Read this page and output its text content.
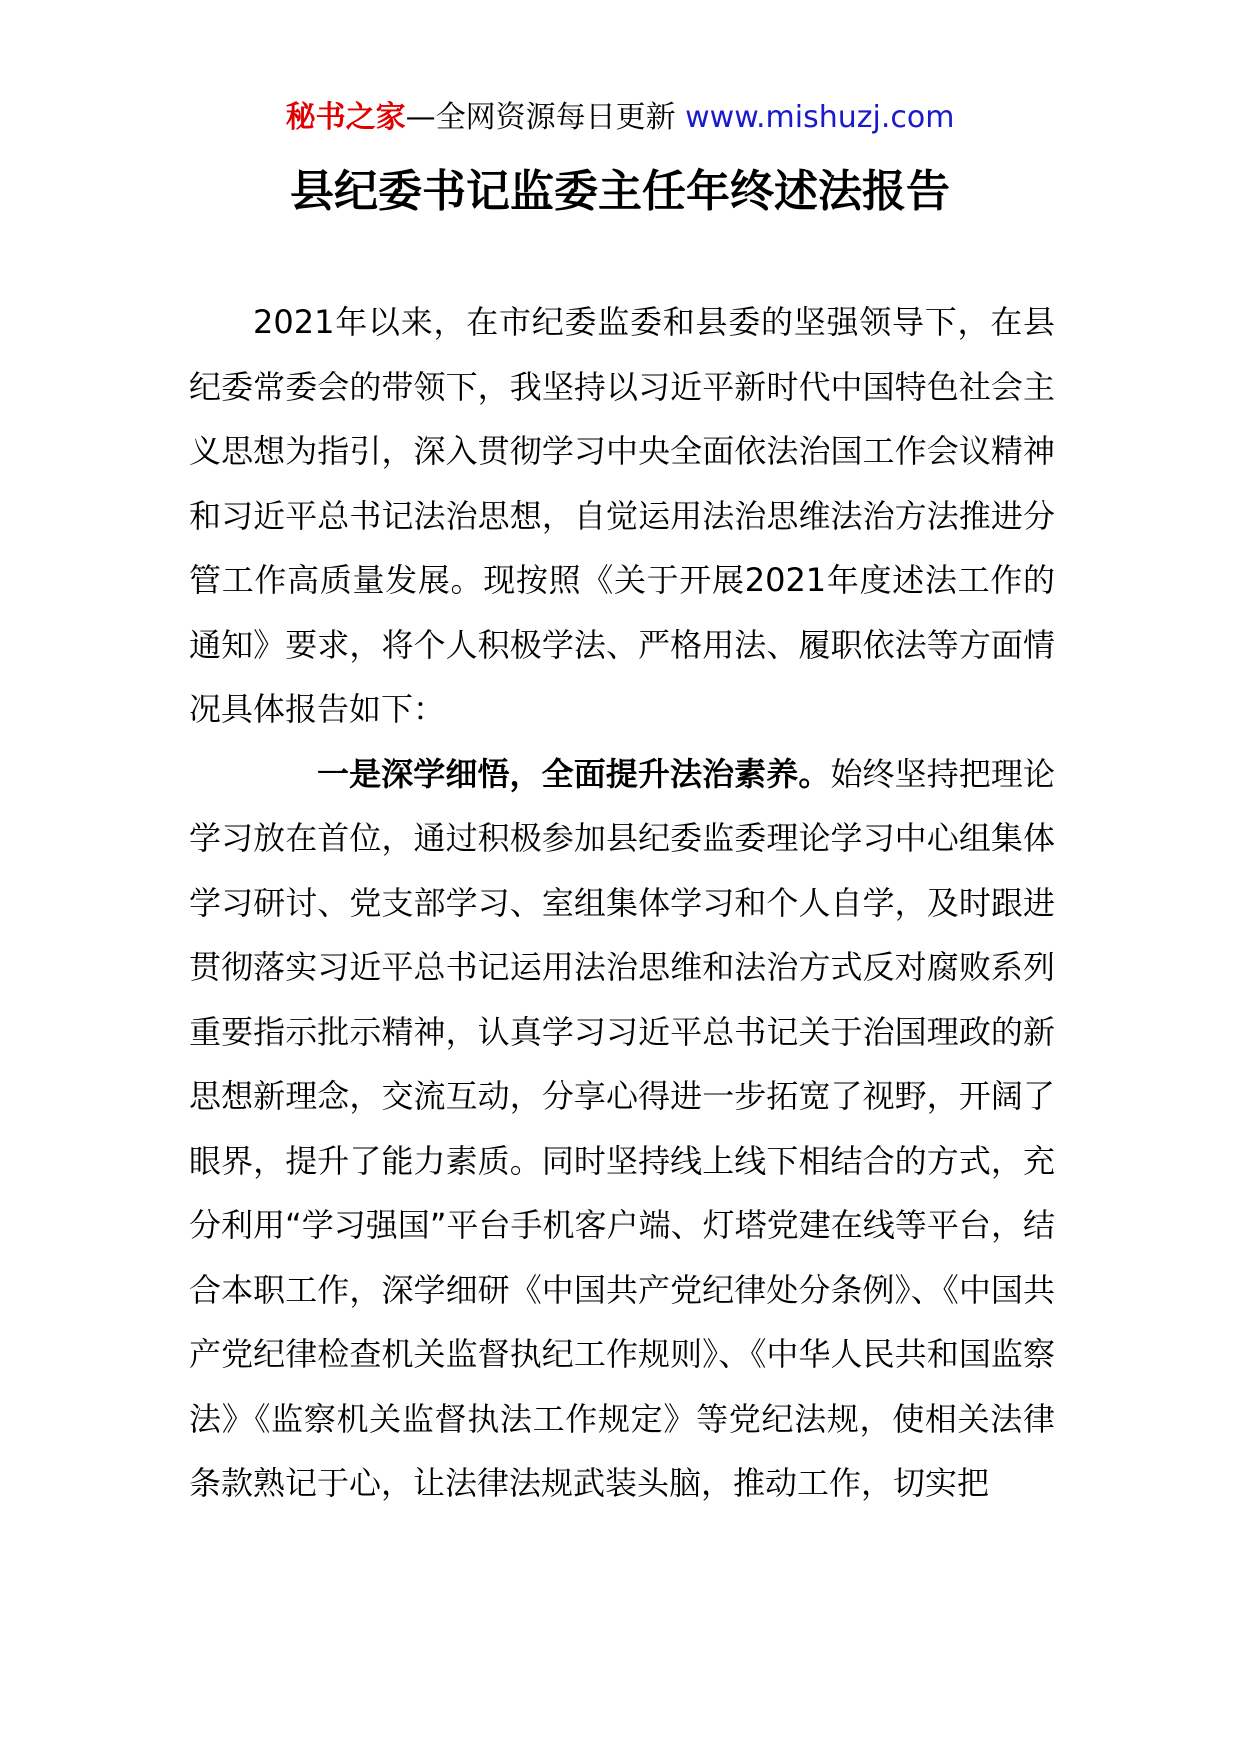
秘书之家—全网资源每日更新 www.mishuzj.com
县纪委书记监委主任年终述法报告

2021年以来，在市纪委监委和县委的坚强领导下，在县纪委常委会的带领下，我坚持以习近平新时代中国特色社会主义思想为指引，深入贯彻学习中央全面依法治国工作会议精神和习近平总书记法治思想，自觉运用法治思维法治方法推进分管工作高质量发展。现按照《关于开展2021年度述法工作的通知》要求，将个人积极学法、严格用法、履职依法等方面情况具体报告如下：

一是深学细悟，全面提升法治素养。始终坚持把理论学习放在首位，通过积极参加县纪委监委理论学习中心组集体学习研讨、党支部学习、室组集体学习和个人自学，及时跟进贯彻落实习近平总书记运用法治思维和法治方式反对腐败系列重要指示批示精神，认真学习习近平总书记关于治国理政的新思想新理念，交流互动，分享心得进一步拓宽了视野，开阔了眼界，提升了能力素质。同时坚持线上线下相结合的方式，充分利用“学习强国”平台手机客户端、灯塔党建在线等平台，结合本职工作，深学细研《中国共产党纪律处分条例》、《中国共产党纪律检查机关监督执纪工作规则》、《中华人民共和国监察法》《监察机关监督执法工作规定》等党纪法规，使相关法律条款熟记于心，让法律法规武装头脑，推动工作，切实把
